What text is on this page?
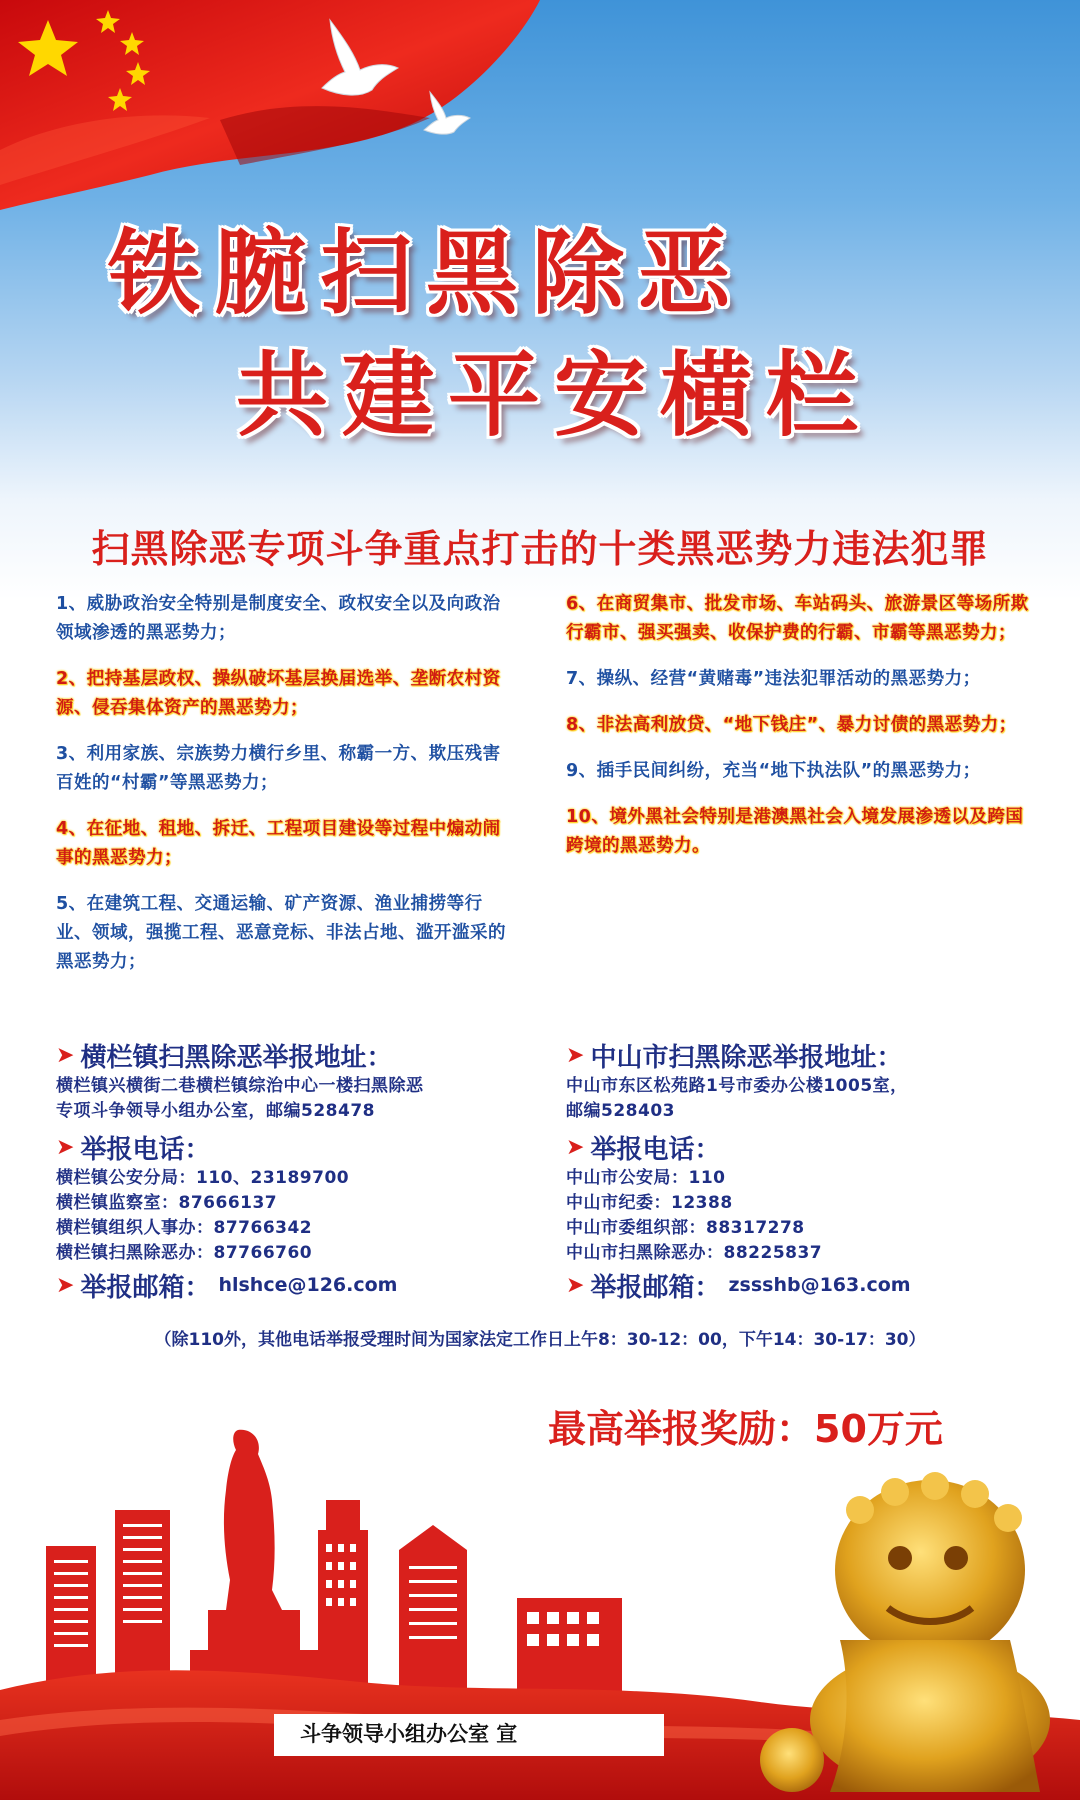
铁腕扫黑除恶
共建平安横栏
扫黑除恶专项斗争重点打击的十类黑恶势力违法犯罪

1、威胁政治安全特别是制度安全、政权安全以及向政治领域渗透的黑恶势力；

2、把持基层政权、操纵破坏基层换届选举、垄断农村资源、侵吞集体资产的黑恶势力；

3、利用家族、宗族势力横行乡里、称霸一方、欺压残害百姓的“村霸”等黑恶势力；

4、在征地、租地、拆迁、工程项目建设等过程中煽动闹事的黑恶势力；

5、在建筑工程、交通运输、矿产资源、渔业捕捞等行业、领域，强揽工程、恶意竞标、非法占地、滥开滥采的黑恶势力；

6、在商贸集市、批发市场、车站码头、旅游景区等场所欺行霸市、强买强卖、收保护费的行霸、市霸等黑恶势力；

7、操纵、经营“黄赌毒”违法犯罪活动的黑恶势力；

8、非法高利放贷、“地下钱庄”、暴力讨债的黑恶势力；

9、插手民间纠纷，充当“地下执法队”的黑恶势力；

10、境外黑社会特别是港澳黑社会入境发展渗透以及跨国跨境的黑恶势力。

➤ 横栏镇扫黑除恶举报地址：

横栏镇兴横街二巷横栏镇综治中心一楼扫黑除恶

专项斗争领导小组办公室，邮编528478

➤ 举报电话：

横栏镇公安分局：110、23189700

横栏镇监察室：87666137

横栏镇组织人事办：87766342

横栏镇扫黑除恶办：87766760

➤ 举报邮箱： hlshce@126.com

➤ 中山市扫黑除恶举报地址：

中山市东区松苑路1号市委办公楼1005室，

邮编528403

➤ 举报电话：

中山市公安局：110

中山市纪委：12388

中山市委组织部：88317278

中山市扫黑除恶办：88225837

➤ 举报邮箱： zssshb@163.com

（除110外，其他电话举报受理时间为国家法定工作日上午8：30-12：00，下午14：30-17：30）

最高举报奖励：50万元

斗争领导小组办公室 宣
